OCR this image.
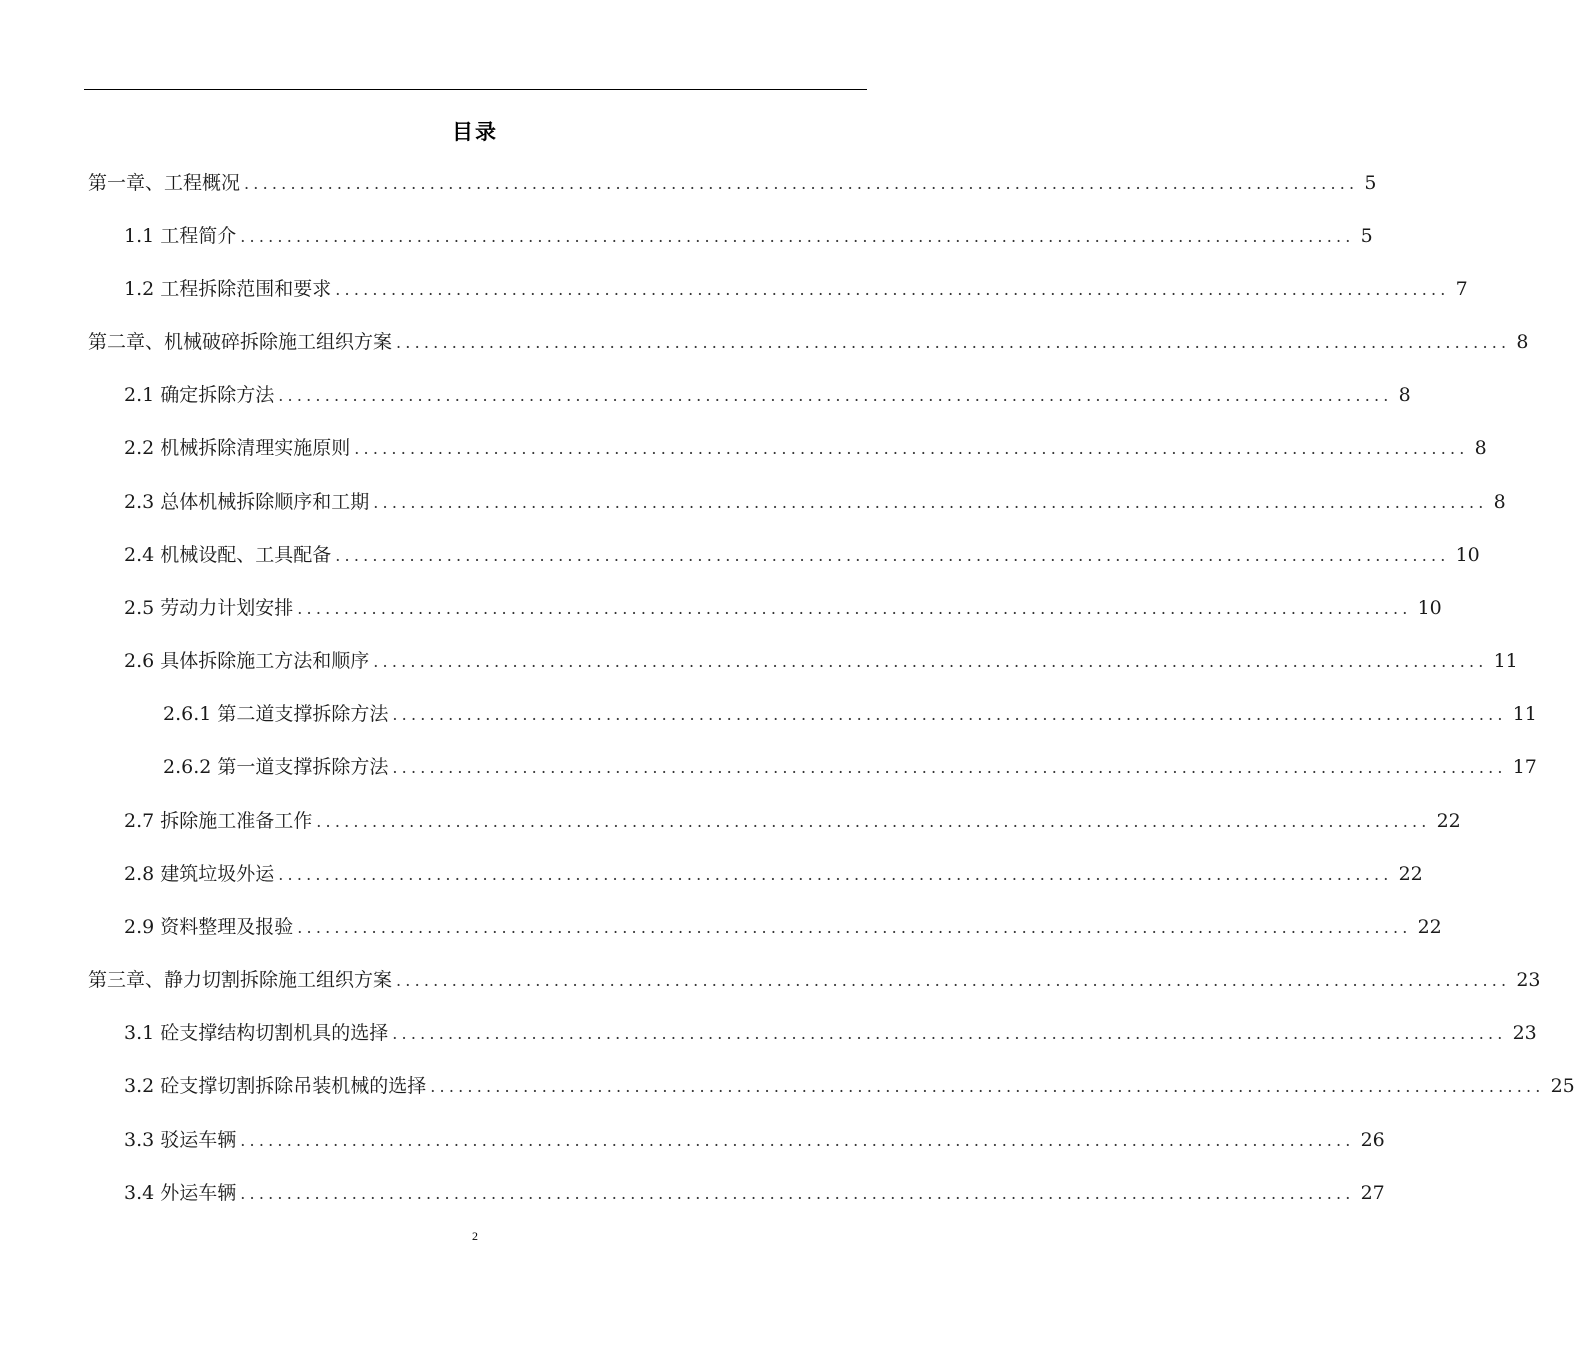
目录
第一章、工程概况 ........................................................................................................................ 5
1.1 工程简介 ........................................................................................................................ 5
1.2 工程拆除范围和要求 ........................................................................................................................ 7
第二章、机械破碎拆除施工组织方案 ........................................................................................................................ 8
2.1 确定拆除方法 ........................................................................................................................ 8
2.2 机械拆除清理实施原则 ........................................................................................................................ 8
2.3 总体机械拆除顺序和工期 ........................................................................................................................ 8
2.4 机械设配、工具配备 ........................................................................................................................ 10
2.5 劳动力计划安排 ........................................................................................................................ 10
2.6 具体拆除施工方法和顺序 ........................................................................................................................ 11
2.6.1 第二道支撑拆除方法 ........................................................................................................................ 11
2.6.2 第一道支撑拆除方法 ........................................................................................................................ 17
2.7 拆除施工准备工作 ........................................................................................................................ 22
2.8 建筑垃圾外运 ........................................................................................................................ 22
2.9 资料整理及报验 ........................................................................................................................ 22
第三章、静力切割拆除施工组织方案 ........................................................................................................................ 23
3.1 砼支撑结构切割机具的选择 ........................................................................................................................ 23
3.2 砼支撑切割拆除吊装机械的选择 ........................................................................................................................ 25
3.3 驳运车辆 ........................................................................................................................ 26
3.4 外运车辆 ........................................................................................................................ 27
2
